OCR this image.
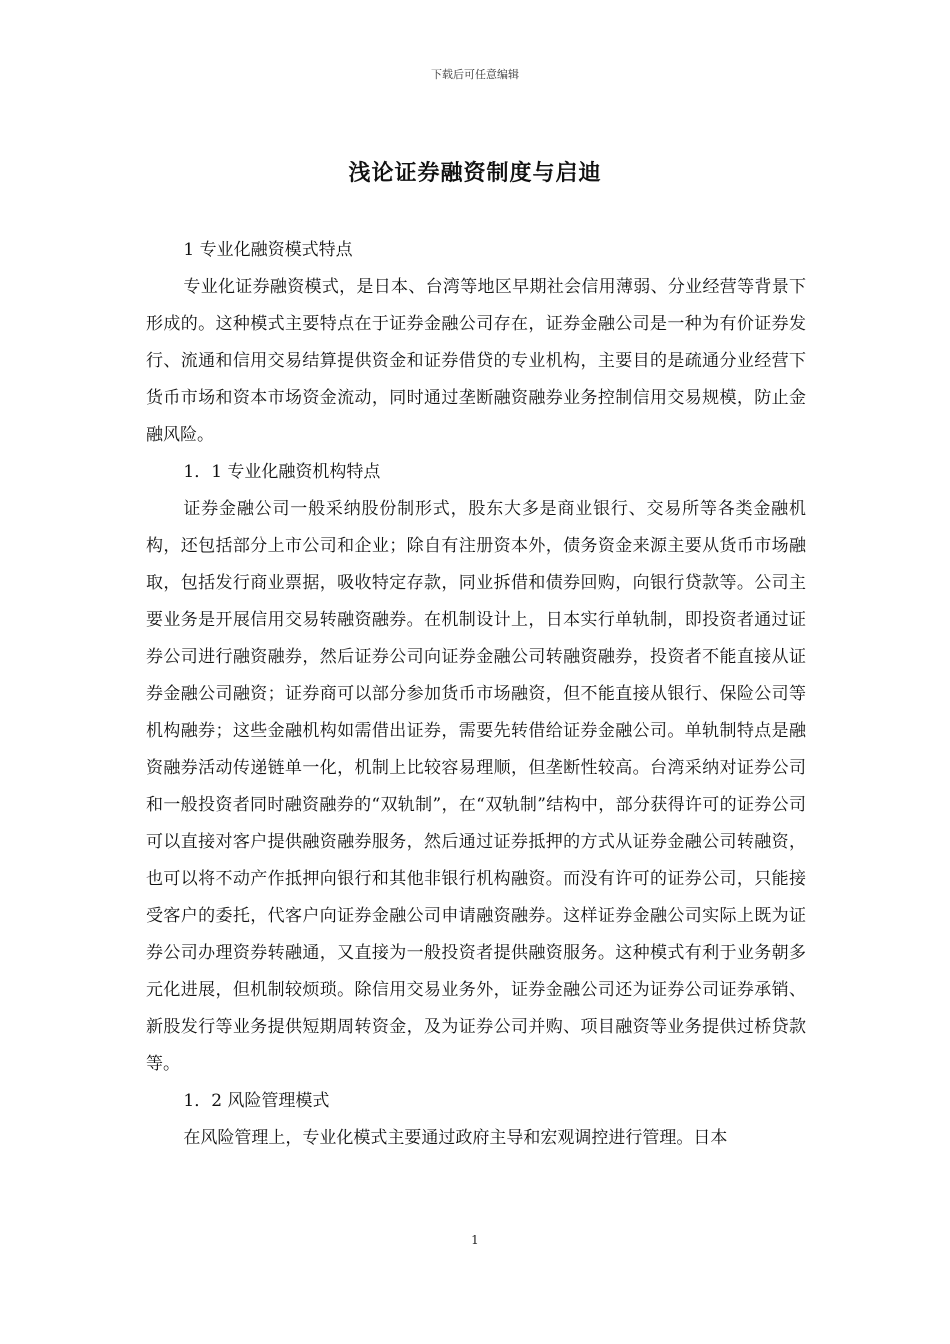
下载后可任意编辑
浅论证券融资制度与启迪

1 专业化融资模式特点

专业化证券融资模式，是日本、台湾等地区早期社会信用薄弱、分业经营等背景下形成的。这种模式主要特点在于证券金融公司存在，证券金融公司是一种为有价证券发行、流通和信用交易结算提供资金和证券借贷的专业机构，主要目的是疏通分业经营下货币市场和资本市场资金流动，同时通过垄断融资融券业务控制信用交易规模，防止金融风险。

1．1 专业化融资机构特点

证券金融公司一般采纳股份制形式，股东大多是商业银行、交易所等各类金融机构，还包括部分上市公司和企业；除自有注册资本外，债务资金来源主要从货币市场融取，包括发行商业票据，吸收特定存款，同业拆借和债券回购，向银行贷款等。公司主要业务是开展信用交易转融资融券。在机制设计上，日本实行单轨制，即投资者通过证券公司进行融资融券，然后证券公司向证券金融公司转融资融券，投资者不能直接从证券金融公司融资；证券商可以部分参加货币市场融资，但不能直接从银行、保险公司等机构融券；这些金融机构如需借出证券，需要先转借给证券金融公司。单轨制特点是融资融券活动传递链单一化，机制上比较容易理顺，但垄断性较高。台湾采纳对证券公司和一般投资者同时融资融券的“双轨制”，在“双轨制”结构中，部分获得许可的证券公司可以直接对客户提供融资融券服务，然后通过证券抵押的方式从证券金融公司转融资，也可以将不动产作抵押向银行和其他非银行机构融资。而没有许可的证券公司，只能接受客户的委托，代客户向证券金融公司申请融资融券。这样证券金融公司实际上既为证券公司办理资券转融通，又直接为一般投资者提供融资服务。这种模式有利于业务朝多元化进展，但机制较烦琐。除信用交易业务外，证券金融公司还为证券公司证券承销、新股发行等业务提供短期周转资金，及为证券公司并购、项目融资等业务提供过桥贷款等。

1．2 风险管理模式

在风险管理上，专业化模式主要通过政府主导和宏观调控进行管理。日本

1
